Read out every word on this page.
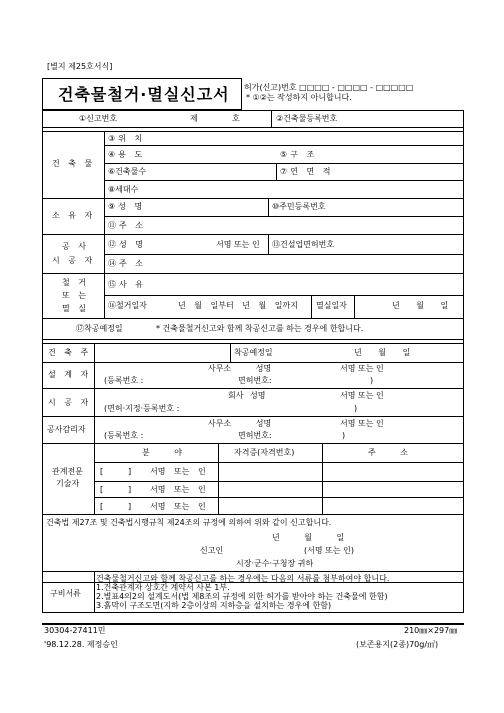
[별지 제25호서식]
건축물철거·멸실신고서 허가(신고)번호 □□□□ - □□□□ - □□□□□
* ①②는 작성하지 아니합니다.
①신고번호	제	호	②건축물등록번호
건 축 물
③위 치
④용 도	⑤구 조
⑥건축물수	⑦연 면 적
⑧세대수
소 유 자
⑨성 명	⑩주민등록번호
⑪주 소
공 사
시 공 자
⑫성 명	서명 또는 인 ⑬건설업면허번호
⑭주 소
철 거
또 는
멸 실
⑮사 유
⑯철거일자	년 월 일부터 년 월 일까지 멸실일자	년 월 일
⑰착공예정일	* 건축물철거신고와 함께 착공신고를 하는 경우에 한합니다.
건 축 주	착공예정일	년 월 일
설 계 자
사무소 성명	서명 또는 인
(등록번호 :	면허번호:	)
시 공 자
회사 성명	서명 또는 인
(면허·지정·등록번호 :	)
공사감리자
사무소 성명	서명 또는 인
(등록번호 :	면허번호:	)
관계전문
기술자
분 야	자격증(자격번호)	주 소
[	] 서명 또는 인
[	] 서명 또는 인
[	] 서명 또는 인
건축법 제27조 및 건축법시행규칙 제24조의 규정에 의하여 위와 같이 신고합니다.
년 월 일
신고인	(서명 또는 인)
시장·군수·구청장 귀하
구비서류
건축물철거신고와 함께 착공신고를 하는 경우에는 다음의 서류를 첨부하여야 합니다.
1.건축관계자 상호간 계약서 사본 1부.
2.별표4의2의 설계도서(법 제8조의 규정에 의한 허가를 받아야 하는 건축물에 한함)
3.흙막이 구조도면(지하 2층이상의 지하층을 설치하는 경우에 한함)
30304-27411민	210㎜×297㎜
'98.12.28. 제정승인	(보존용지(2종)70g/㎡)
